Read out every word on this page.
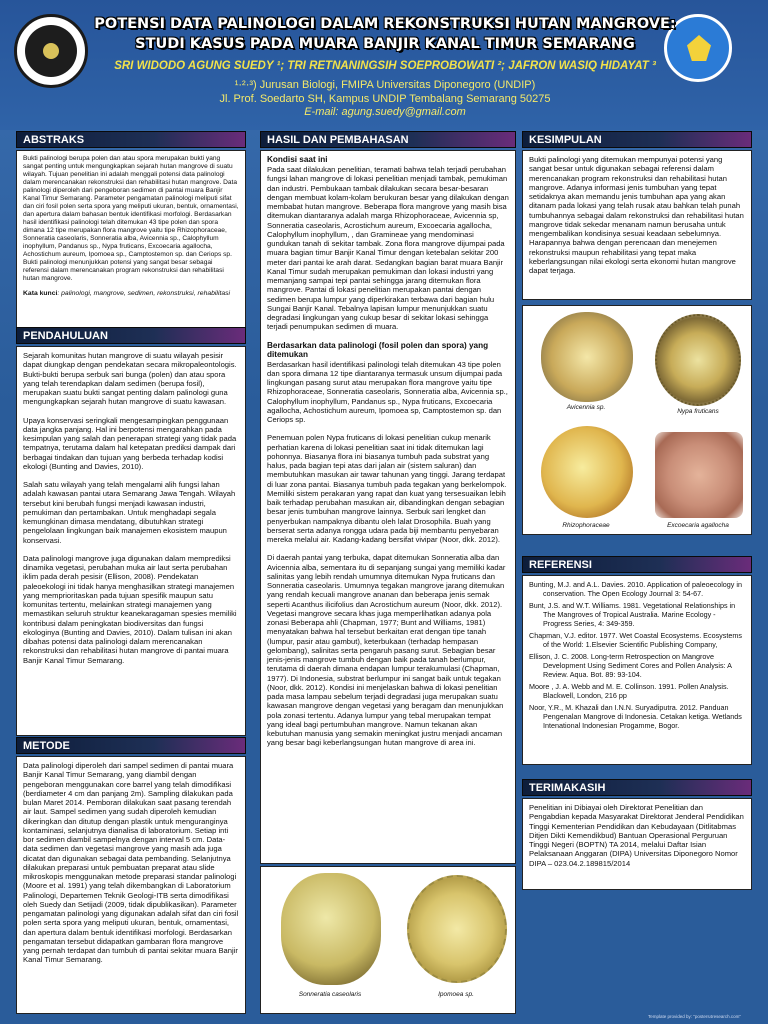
POTENSI DATA PALINOLOGI DALAM REKONSTRUKSI HUTAN MANGROVE:
STUDI KASUS PADA MUARA BANJIR KANAL TIMUR SEMARANG
SRI WIDODO AGUNG SUEDY ¹; TRI RETNANINGSIH SOEPROBOWATI ²; JAFRON WASIQ HIDAYAT ³
¹·²·³) Jurusan Biologi, FMIPA Universitas Diponegoro (UNDIP)
Jl. Prof. Soedarto SH, Kampus UNDIP Tembalang Semarang 50275
E-mail: agung.suedy@gmail.com
ABSTRAKS

Bukti palinologi berupa polen dan atau spora merupakan bukti yang sangat penting untuk mengungkapkan sejarah hutan mangrove di suatu wilayah. Tujuan penelitian ini adalah menggali potensi data palinologi dalam merencanakan rekonstruksi dan rehabilitasi hutan mangrove. Data palinologi diperoleh dari pengeboran sedimen di pantai muara Banjir Kanal Timur Semarang. Parameter pengamatan palinologi meliputi sifat dan ciri fosil polen serta spora yang meliputi ukuran, bentuk, ornamentasi, dan apertura dalam bahasan bentuk identifikasi morfologi. Berdasarkan hasil identifikasi palinologi telah ditemukan 43 tipe polen dan spora dimana 12 tipe merupakan flora mangrove yaitu tipe Rhizophoraceae, Sonneratia caseolaris, Sonneratia alba, Avicennia sp., Calophyllum inophyllum, Pandanus sp., Nypa fruticans, Excoecaria agallocha, Achostichum aureum, Ipomoea sp., Camptostemon sp. dan Ceriops sp. Bukti palinologi menunjukkan potensi yang sangat besar sebagai referensi dalam merencanakan program rekonstruksi dan rehabilitasi hutan mangrove.

Kata kunci: palinologi, mangrove, sedimen, rekonstruksi, rehabilitasi
PENDAHULUAN

Sejarah komunitas hutan mangrove di suatu wilayah pesisir dapat diungkap dengan pendekatan secara mikropaleontologis. Bukti-bukti berupa serbuk sari bunga (polen) dan atau spora yang telah terendapkan dalam sedimen (berupa fosil), merupakan suatu bukti sangat penting dalam palinologi guna mengungkapkan sejarah hutan mangrove di suatu kawasan.

Upaya konservasi seringkali mengesampingkan penggunaan data jangka panjang. Hal ini berpotensi mengarahkan pada kesimpulan yang salah dan penerapan strategi yang tidak pada tempatnya, terutama dalam hal ketepatan prediksi dampak dari berbagai tindakan dan tujuan yang berbeda terhadap kodisi ekologi (Bunting and Davies, 2010).

Salah satu wilayah yang telah mengalami alih fungsi lahan adalah kawasan pantai utara Semarang Jawa Tengah. Wilayah tersebut kini berubah fungsi menjadi kawasan industri, pemukiman dan pertambakan. Untuk menghadapi segala kemungkinan dimasa mendatang, dibutuhkan strategi pengelolaan lingkungan baik manajemen ekosistem maupun konservasi.

Data palinologi mangrove juga digunakan dalam memprediksi dinamika vegetasi, perubahan muka air laut serta perubahan iklim pada derah pesisir (Ellison, 2008). Pendekatan paleoekologi ini tidak hanya menghasilkan strategi manajemen yang memprioritaskan pada tujuan spesifik maupun satu komunitas tertentu, melainkan strategi manajemen yang memastikan seluruh struktur keanekaragaman spesies memiliki kontribusi dalam peningkatan biodiversitas dan fungsi ekologinya (Bunting and Davies, 2010). Dalam tulisan ini akan dibahas potensi data palinologi dalam merencanakan rekonstruksi dan rehabilitasi hutan mangrove di pantai muara Banjir Kanal Timur Semarang.

METODE

Data palinologi diperoleh dari sampel sedimen di pantai muara Banjir Kanal Timur Semarang, yang diambil dengan pengeboran menggunakan core barrel yang telah dimodifikasi (berdiameter 4 cm dan panjang 2m). Sampling dilakukan pada bulan Maret 2014. Pemboran dilakukan saat pasang terendah air laut. Sampel sedimen yang sudah diperoleh kemudian dikeringkan dan ditutup dengan plastik untuk menguranginya kontaminasi, selanjutnya dianalisa di laboratorium. Setiap inti bor sedimen diambil sampelnya dengan interval 5 cm. Data-data sedimen dan vegetasi mangrove yang masih ada juga dicatat dan digunakan sebagai data pembanding. Selanjutnya dilakukan preparasi untuk pembuatan preparat atau slide mikroskopis menggunakan metode preparasi standar palinologi (Moore et al. 1991) yang telah dikembangkan di Laboratorium Palinologi, Departemen Teknik Geologi-ITB serta dimodifikasi oleh Suedy dan Setijadi (2009, tidak dipublikasikan). Parameter pengamatan palinologi yang digunakan adalah sifat dan ciri fosil polen serta spora yang meliputi ukuran, bentuk, ornamentasi, dan apertura dalam bentuk identifikasi morfologi. Berdasarkan pengamatan tersebut didapatkan gambaran flora mangrove yang pernah terdapat dan tumbuh di pantai sekitar muara Banjir Kanal Timur Semarang.

HASIL DAN PEMBAHASAN
Kondisi saat ini

Pada saat dilakukan penelitian, teramati bahwa telah terjadi perubahan fungsi lahan mangrove di lokasi penelitian menjadi tambak, pemukiman dan industri. Pembukaan tambak dilakukan secara besar-besaran dengan membuat kolam-kolam berukuran besar yang dilakukan dengan membabat hutan mangrove. Beberapa flora mangrove yang masih bisa ditemukan diantaranya adalah marga Rhizophoraceae, Avicennia sp, Sonneratia caseolaris, Acrostichum aureum, Excoecaria agallocha, Calophyllum inophyllum, , dan Gramineae yang mendominasi gundukan tanah di sekitar tambak. Zona flora mangrove dijumpai pada muara bagian timur Banjir Kanal Timur dengan ketebalan sekitar 200 meter dari pantai ke arah darat. Sedangkan bagian barat muara Banjir Kanal Timur sudah merupakan pemukiman dan lokasi industri yang memanjang sampai tepi pantai sehingga jarang ditemukan flora mangrove. Pantai di lokasi penelitian merupakan pantai dengan sedimen berupa lumpur yang diperkirakan terbawa dari bagian hulu Sungai Banjir Kanal. Tebalnya lapisan lumpur menunjukkan suatu degradasi lingkungan yang cukup besar di sekitar lokasi sehingga terjadi penumpukan sedimen di muara.

Berdasarkan data palinologi (fosil polen dan spora) yang ditemukan

Berdasarkan hasil identifikasi palinologi telah ditemukan 43 tipe polen dan spora dimana 12 tipe diantaranya termasuk unsum dijumpai pada lingkungan pasang surut atau merupakan flora mangrove yaitu tipe Rhizophoraceae, Sonneratia caseolaris, Sonneratia alba, Avicennia sp., Calophyllum inophyllum, Pandanus sp., Nypa fruticans, Excoecaria agallocha, Achostichum aureum, Ipomoea sp, Camptostemon sp. dan Ceriops sp.

Penemuan polen Nypa fruticans di lokasi penelitian cukup menarik perhatian karena di lokasi penelitian saat ini tidak ditemukan lagi pohonnya. Biasanya flora ini biasanya tumbuh pada substrat yang halus, pada bagian tepi atas dari jalan air (sistem saluran) dan membutuhkan masukan air tawar tahunan yang tinggi. Jarang terdapat di luar zona pantai. Biasanya tumbuh pada tegakan yang berkelompok. Memiliki sistem perakaran yang rapat dan kuat yang tersesuaikan lebih baik terhadap perubahan masukan air, dibandingkan dengan sebagian besar jenis tumbuhan mangrove lainnya. Serbuk sari lengket dan penyerbukan nampaknya dibantu oleh lalat Drosophila. Buah yang berserat serta adanya rongga udara pada biji membantu penyebaran mereka melalui air. Kadang-kadang bersifat vivipar (Noor, dkk. 2012).

Di daerah pantai yang terbuka, dapat ditemukan Sonneratia alba dan Avicennia alba, sementara itu di sepanjang sungai yang memiliki kadar salinitas yang lebih rendah umumnya ditemukan Nypa fruticans dan Sonneratia caseolaris. Umumnya tegakan mangrove jarang ditemukan yang rendah kecuali mangrove ananan dan beberapa jenis semak seperti Acanthus ilicifolius dan Acrostichum aureum (Noor, dkk. 2012). Vegetasi mangrove secara khas juga memperlihatkan adanya pola zonasi Beberapa ahli (Chapman, 1977; Bunt and Williams, 1981) menyatakan bahwa hal tersebut berkaitan erat dengan tipe tanah (lumpur, pasir atau gambut), keterbukaan (terhadap hempasan gelombang), salinitas serta pengaruh pasang surut. Sebagian besar jenis-jenis mangrove tumbuh dengan baik pada tanah berlumpur, terutama di daerah dimana endapan lumpur terakumulasi (Chapman, 1977). Di Indonesia, substrat berlumpur ini sangat baik untuk tegakan (Noor, dkk. 2012). Kondisi ini menjelaskan bahwa di lokasi penelitian pada masa lampau sebelum terjadi degradasi juga merupakan suatu kawasan mangrove dengan vegetasi yang beragam dan menunjukkan pola zonasi tertentu. Adanya lumpur yang tebal merupakan tempat yang ideal bagi pertumbuhan mangrove. Namun tekanan akan kebutuhan manusia yang semakin meningkat justru menjadi ancaman yang besar bagi keberlangsungan hutan mangrove di area ini.

Sonneratia caseolaris	Ipomoea sp.
KESIMPULAN

Bukti palinologi yang ditemukan mempunyai potensi yang sangat besar untuk digunakan sebagai referensi dalam merencanakan program rekonstruksi dan rehabilitasi hutan mangrove. Adanya informasi jenis tumbuhan yang tepat setidaknya akan memandu jenis tumbuhan apa yang akan ditanam pada lokasi yang telah rusak atau bahkan telah punah tumbuhannya sebagai dalam rekonstruksi dan rehabilitasi hutan mangrove tidak sekedar menanam namun berusaha untuk mengembalikan kondisinya sesuai keadaan sebelumnya. Harapannya bahwa dengan perencaan dan menejemen rekonstruksi maupun rehabilitasi yang tepat maka keberlangsungan nilai ekologi serta ekonomi hutan mangrove dapat terjaga.

Avicennia sp.
Nypa fruticans
Rhizophoraceae	Excoecaria agallocha
REFERENSI
Bunting, M.J. and A.L. Davies. 2010. Application of paleoecology in conservation. The Open Ecology Journal 3: 54-67.
Bunt, J.S. and W.T. Williams. 1981. Vegetational Relationships in The Mangroves of Tropical Australia. Marine Ecology - Progress Series, 4: 349-359.
Chapman, V.J. editor. 1977. Wet Coastal Ecosystems. Ecosystems of the World: 1.Elsevier Scientific Publishing Company,
Ellison, J. C. 2008. Long-term Retrospection on Mangrove Development Using Sediment Cores and Pollen Analysis: A Review. Aqua. Bot. 89: 93-104.
Moore , J. A. Webb and M. E. Collinson. 1991. Pollen Analysis. Blackwell, London, 216 pp
Noor, Y.R., M. Khazali dan I.N.N. Suryadiputra. 2012. Panduan Pengenalan Mangrove di Indonesia. Cetakan ketiga. Wetlands Intenational Indonesian Progamme, Bogor.
TERIMAKASIH

Penelitian ini Dibiayai oleh Direktorat Penelitian dan Pengabdian kepada Masyarakat Direktorat Jenderal Pendidikan Tinggi Kementerian Pendidikan dan Kebudayaan (Ditlitabmas Ditjen Dikti Kemendikbud) Bantuan Operasional Perguruan Tinggi Negeri (BOPTN) TA 2014, melalui Daftar Isian Pelaksanaan Anggaran (DIPA) Universitas Diponegoro Nomor DIPA – 023.04.2.189815/2014

Template provided by: "posters4research.com"
